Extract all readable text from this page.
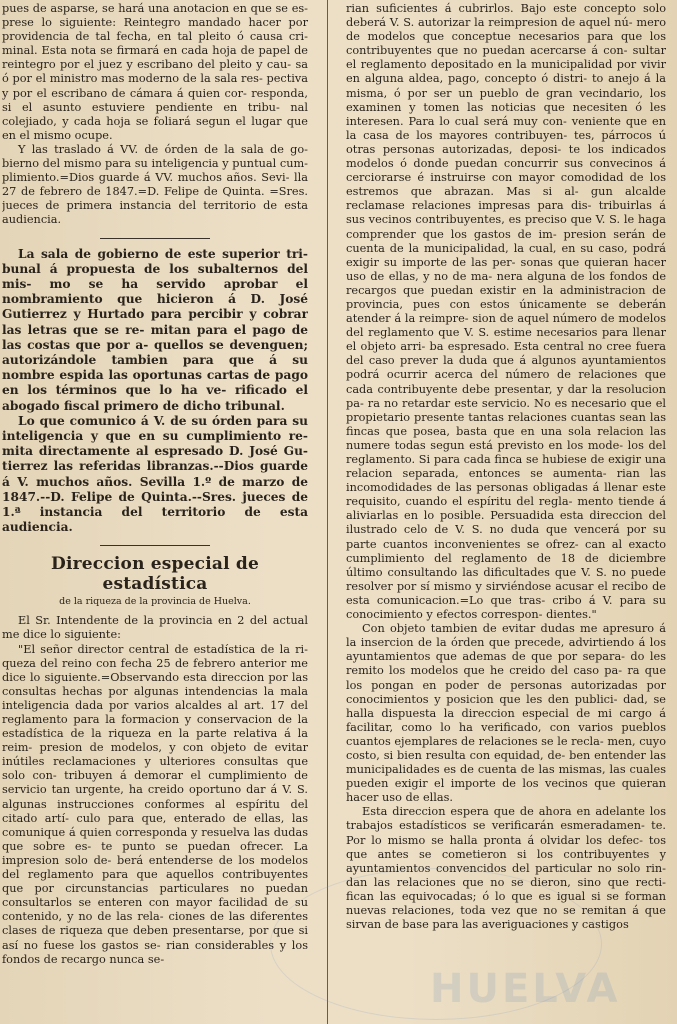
pues de asparse, se hará una anotacion en que se es- prese lo siguiente: Reintegro mandado hacer por providencia de tal fecha, en tal pleito ó causa cri- minal. Esta nota se firmará en cada hoja de papel de reintegro por el juez y escribano del pleito y cau- sa ó por el ministro mas moderno de la sala res- pectiva y por el escribano de cámara á quien cor- responda, si el asunto estuviere pendiente en tribu- nal colejiado, y cada hoja se foliará segun el lugar que en el mismo ocupe.

Y las traslado á VV. de órden de la sala de go- bierno del mismo para su inteligencia y puntual cum- plimiento.=Dios guarde á VV. muchos años. Sevi- lla 27 de febrero de 1847.=D. Felipe de Quinta. =Sres. jueces de primera instancia del territorio de esta audiencia.

La sala de gobierno de este superior tri- bunal á propuesta de los subalternos del mis- mo se ha servido aprobar el nombramiento que hicieron á D. José Gutierrez y Hurtado para percibir y cobrar las letras que se re- mitan para el pago de las costas que por a- quellos se devenguen; autorizándole tambien para que á su nombre espida las oportunas cartas de pago en los términos que lo ha ve- rificado el abogado fiscal primero de dicho tribunal.

Lo que comunico á V. de su órden para su inteligencia y que en su cumplimiento re- mita directamente al espresado D. José Gu- tierrez las referidas libranzas.--Dios guarde á V. muchos años. Sevilla 1.º de marzo de 1847.--D. Felipe de Quinta.--Sres. jueces de 1.ª instancia del territorio de esta audiencia.

Direccion especial de estadística
de la riqueza de la provincia de Huelva.

El Sr. Intendente de la provincia en 2 del actual me dice lo siguiente:

"El señor director central de estadística de la ri- queza del reino con fecha 25 de febrero anterior me dice lo siguiente.=Observando esta direccion por las consultas hechas por algunas intendencias la mala inteligencia dada por varios alcaldes al art. 17 del reglamento para la formacion y conservacion de la estadística de la riqueza en la parte relativa á la reim- presion de modelos, y con objeto de evitar inútiles reclamaciones y ulteriores consultas que solo con- tribuyen á demorar el cumplimiento de servicio tan urgente, ha creido oportuno dar á V. S. algunas instrucciones conformes al espíritu del citado artí- culo para que, enterado de ellas, las comunique á quien corresponda y resuelva las dudas que sobre es- te punto se puedan ofrecer. La impresion solo de- berá entenderse de los modelos del reglamento para que aquellos contribuyentes que por circunstancias particulares no puedan consultarlos se enteren con mayor facilidad de su contenido, y no de las rela- ciones de las diferentes clases de riqueza que deben presentarse, por que si así no fuese los gastos se- rian considerables y los fondos de recargo nunca se-

rian suficientes á cubrirlos. Bajo este concepto solo deberá V. S. autorizar la reimpresion de aquel nú- mero de modelos que conceptue necesarios para que los contribuyentes que no puedan acercarse á con- sultar el reglamento depositado en la municipalidad por vivir en alguna aldea, pago, concepto ó distri- to anejo á la misma, ó por ser un pueblo de gran vecindario, los examinen y tomen las noticias que necesiten ó les interesen. Para lo cual será muy con- veniente que en la casa de los mayores contribuyen- tes, párrocos ú otras personas autorizadas, deposi- te los indicados modelos ó donde puedan concurrir sus convecinos á cerciorarse é instruirse con mayor comodidad de los estremos que abrazan. Mas si al- gun alcalde reclamase relaciones impresas para dis- tribuirlas á sus vecinos contribuyentes, es preciso que V. S. le haga comprender que los gastos de im- presion serán de cuenta de la municipalidad, la cual, en su caso, podrá exigir su importe de las per- sonas que quieran hacer uso de ellas, y no de ma- nera alguna de los fondos de recargos que puedan existir en la administracion de provincia, pues con estos únicamente se deberán atender á la reimpre- sion de aquel número de modelos del reglamento que V. S. estime necesarios para llenar el objeto arri- ba espresado. Esta central no cree fuera del caso prever la duda que á algunos ayuntamientos podrá ocurrir acerca del número de relaciones que cada contribuyente debe presentar, y dar la resolucion pa- ra no retardar este servicio. No es necesario que el propietario presente tantas relaciones cuantas sean las fincas que posea, basta que en una sola relacion las numere todas segun está previsto en los mode- los del reglamento. Si para cada finca se hubiese de exigir una relacion separada, entonces se aumenta- rian las incomodidades de las personas obligadas á llenar este requisito, cuando el espíritu del regla- mento tiende á aliviarlas en lo posible. Persuadida esta direccion del ilustrado celo de V. S. no duda que vencerá por su parte cuantos inconvenientes se ofrez- can al exacto cumplimiento del reglamento de 18 de diciembre último consultando las dificultades que V. S. no puede resolver por sí mismo y sirviéndose acusar el recibo de esta comunicacion.=Lo que tras- cribo á V. para su conocimiento y efectos correspon- dientes."

Con objeto tambien de evitar dudas me apresuro á la insercion de la órden que precede, advirtiendo á los ayuntamientos que ademas de que por separa- do les remito los modelos que he creido del caso pa- ra que los pongan en poder de personas autorizadas por conocimientos y posicion que les den publici- dad, se halla dispuesta la direccion especial de mi cargo á facilitar, como lo ha verificado, con varios pueblos cuantos ejemplares de relaciones se le recla- men, cuyo costo, si bien resulta con equidad, de- ben entender las municipalidades es de cuenta de las mismas, las cuales pueden exigir el importe de los vecinos que quieran hacer uso de ellas.

Esta direccion espera que de ahora en adelante los trabajos estadísticos se verificarán esmeradamen- te. Por lo mismo se halla pronta á olvidar los defec- tos que antes se cometieron si los contribuyentes y ayuntamientos convencidos del particular no solo rin- dan las relaciones que no se dieron, sino que recti- fican las equivocadas; ó lo que es igual si se forman nuevas relaciones, toda vez que no se remitan á que sirvan de base para las averiguaciones y castigos

HUELVA
